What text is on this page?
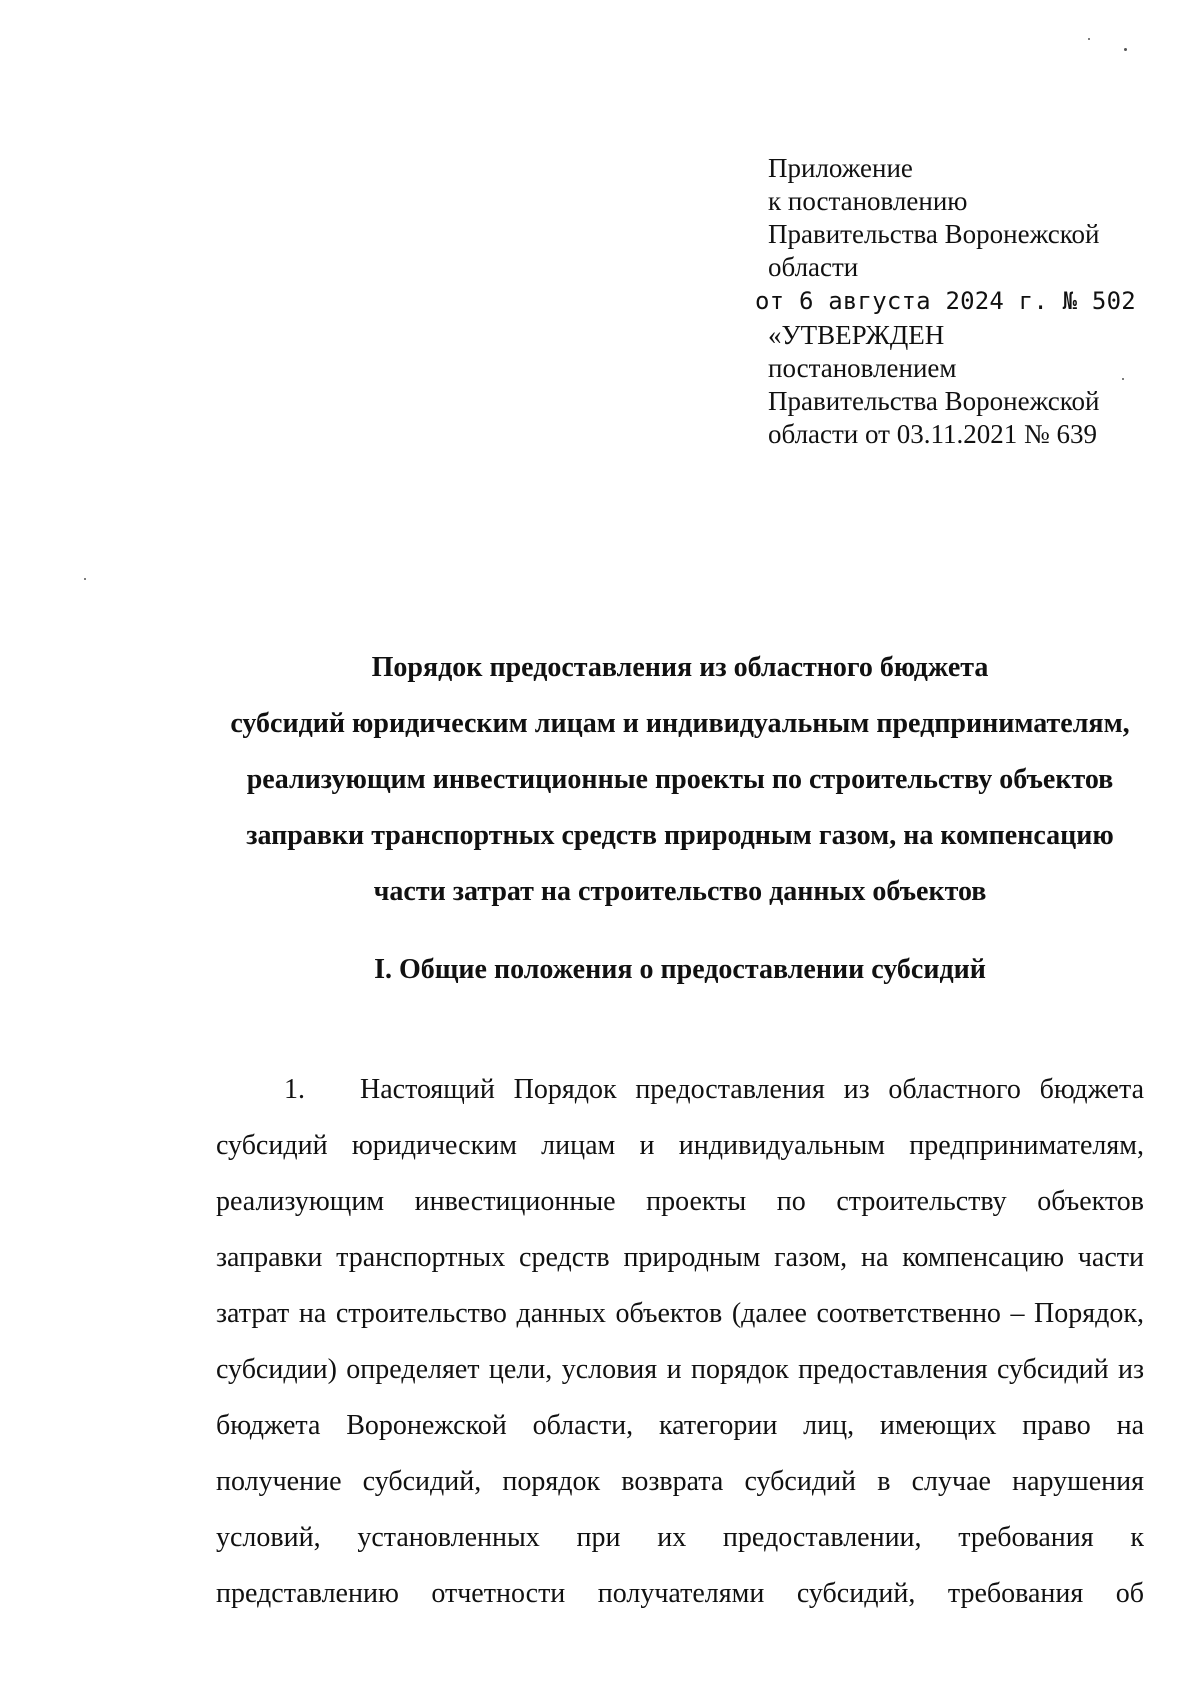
Приложение
к постановлению
Правительства Воронежской
области
от 6 августа 2024 г. № 502
«УТВЕРЖДЕН
постановлением
Правительства Воронежской
области от 03.11.2021 № 639
Порядок предоставления из областного бюджета
субсидий юридическим лицам и индивидуальным предпринимателям,
реализующим инвестиционные проекты по строительству объектов
заправки транспортных средств природным газом, на компенсацию
части затрат на строительство данных объектов
I. Общие положения о предоставлении субсидий
1. Настоящий Порядок предоставления из областного бюджета
субсидий юридическим лицам и индивидуальным предпринимателям,
реализующим инвестиционные проекты по строительству объектов
заправки транспортных средств природным газом, на компенсацию части
затрат на строительство данных объектов (далее соответственно – Порядок,
субсидии) определяет цели, условия и порядок предоставления субсидий из
бюджета Воронежской области, категории лиц, имеющих право на
получение субсидий, порядок возврата субсидий в случае нарушения
условий, установленных при их предоставлении, требования к
представлению отчетности получателями субсидий, требования об
